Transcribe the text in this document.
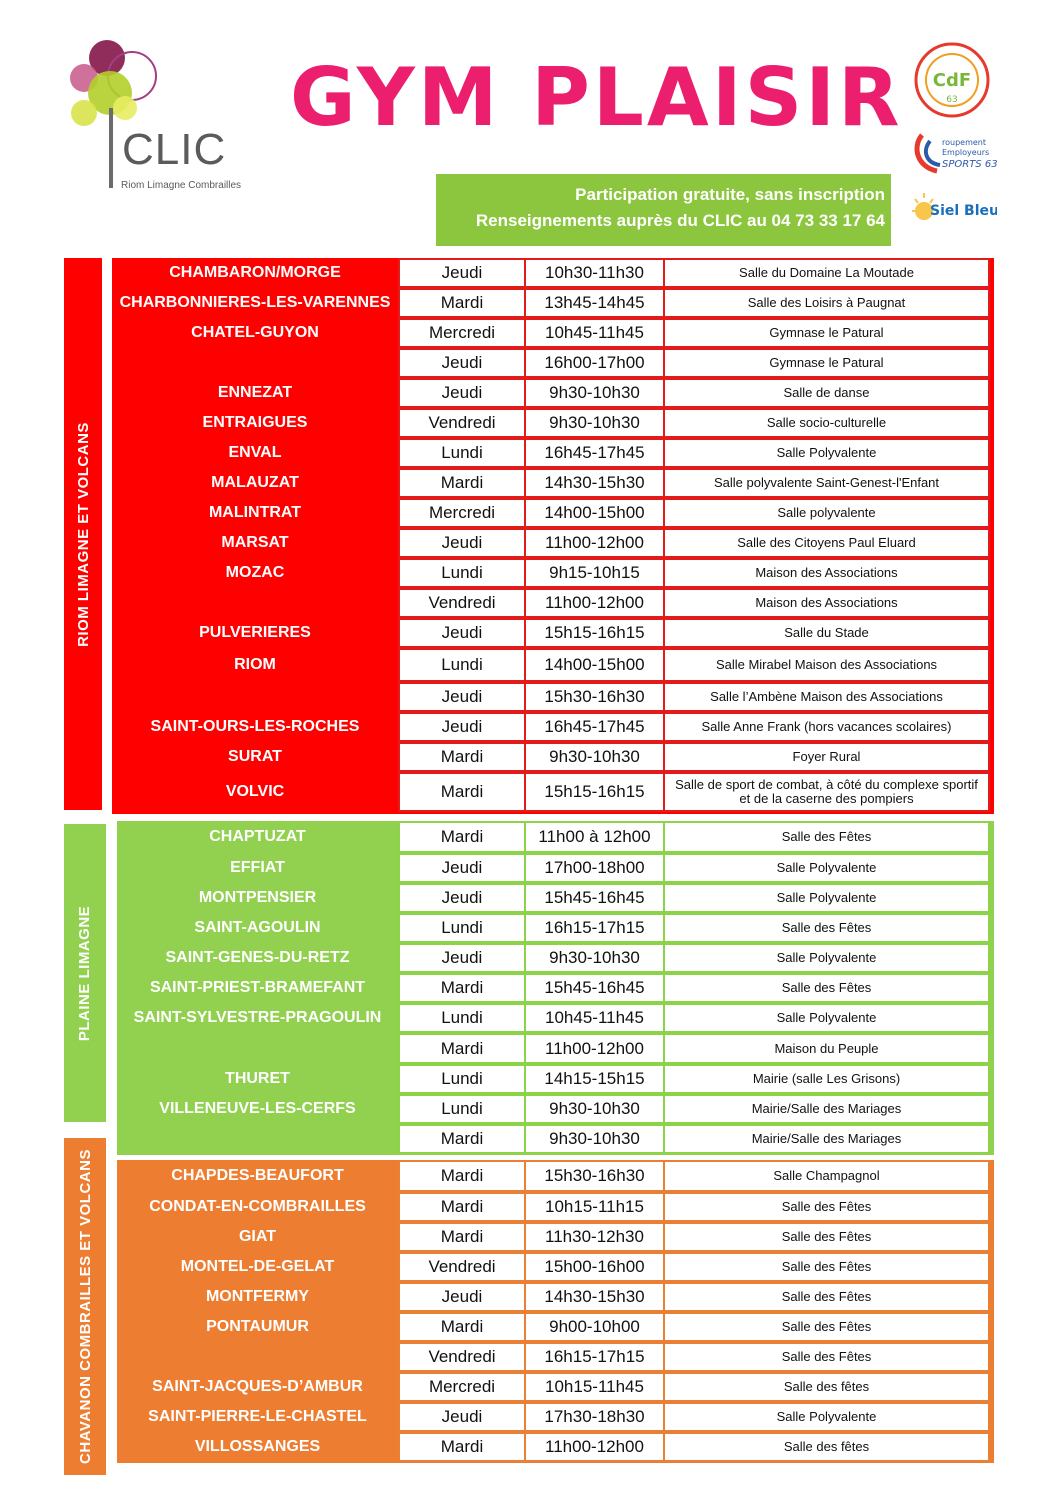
CLIC
Riom Limagne Combrailles
GYM PLAISIR
Participation gratuite, sans inscription
Renseignements auprès du CLIC au 04 73 33 17 64
CdF
63
roupement
Employeurs
SPORTS 63
Siel Bleu
RIOM LIMAGNE ET VOLCANS
PLAINE LIMAGNE
CHAVANON COMBRAILLES ET VOLCANS
CHAMBARON/MORGE	Jeudi	10h30-11h30	Salle du Domaine La Moutade
CHARBONNIERES-LES-VARENNES	Mardi	13h45-14h45	Salle des Loisirs à Paugnat
CHATEL-GUYON	Mercredi	10h45-11h45	Gymnase le Patural
Jeudi	16h00-17h00	Gymnase le Patural
ENNEZAT	Jeudi	9h30-10h30	Salle de danse
ENTRAIGUES	Vendredi	9h30-10h30	Salle socio-culturelle
ENVAL	Lundi	16h45-17h45	Salle Polyvalente
MALAUZAT	Mardi	14h30-15h30	Salle polyvalente Saint-Genest-l'Enfant
MALINTRAT	Mercredi	14h00-15h00	Salle polyvalente
MARSAT	Jeudi	11h00-12h00	Salle des Citoyens Paul Eluard
MOZAC	Lundi	9h15-10h15	Maison des Associations
Vendredi	11h00-12h00	Maison des Associations
PULVERIERES	Jeudi	15h15-16h15	Salle du Stade
RIOM	Lundi	14h00-15h00	Salle Mirabel Maison des Associations
Jeudi	15h30-16h30	Salle l’Ambène Maison des Associations
SAINT-OURS-LES-ROCHES	Jeudi	16h45-17h45	Salle Anne Frank (hors vacances scolaires)
SURAT	Mardi	9h30-10h30	Foyer Rural
VOLVIC	Mardi	15h15-16h15	Salle de sport de combat, à côté du complexe sportif et de la caserne des pompiers
CHAPTUZAT	Mardi	11h00 à 12h00	Salle des Fêtes
EFFIAT	Jeudi	17h00-18h00	Salle Polyvalente
MONTPENSIER	Jeudi	15h45-16h45	Salle Polyvalente
SAINT-AGOULIN	Lundi	16h15-17h15	Salle des Fêtes
SAINT-GENES-DU-RETZ	Jeudi	9h30-10h30	Salle Polyvalente
SAINT-PRIEST-BRAMEFANT	Mardi	15h45-16h45	Salle des Fêtes
SAINT-SYLVESTRE-PRAGOULIN	Lundi	10h45-11h45	Salle Polyvalente
Mardi	11h00-12h00	Maison du Peuple
THURET	Lundi	14h15-15h15	Mairie (salle Les Grisons)
VILLENEUVE-LES-CERFS	Lundi	9h30-10h30	Mairie/Salle des Mariages
Mardi	9h30-10h30	Mairie/Salle des Mariages
CHAPDES-BEAUFORT	Mardi	15h30-16h30	Salle Champagnol
CONDAT-EN-COMBRAILLES	Mardi	10h15-11h15	Salle des Fêtes
GIAT	Mardi	11h30-12h30	Salle des Fêtes
MONTEL-DE-GELAT	Vendredi	15h00-16h00	Salle des Fêtes
MONTFERMY	Jeudi	14h30-15h30	Salle des Fêtes
PONTAUMUR	Mardi	9h00-10h00	Salle des Fêtes
Vendredi	16h15-17h15	Salle des Fêtes
SAINT-JACQUES-D’AMBUR	Mercredi	10h15-11h45	Salle des fêtes
SAINT-PIERRE-LE-CHASTEL	Jeudi	17h30-18h30	Salle Polyvalente
VILLOSSANGES	Mardi	11h00-12h00	Salle des fêtes
